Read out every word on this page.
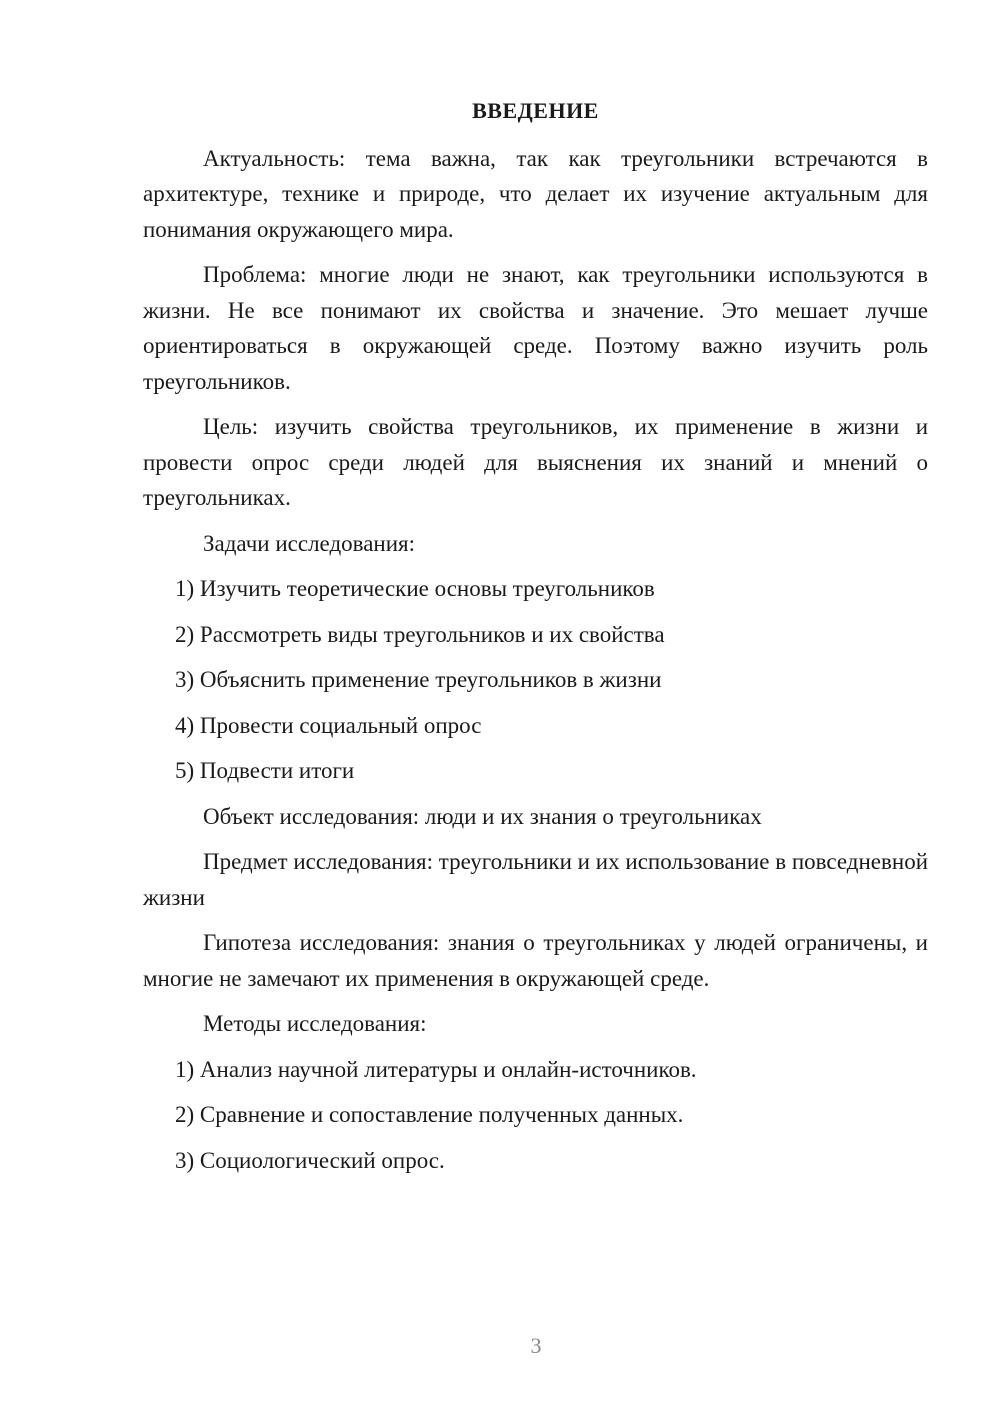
ВВЕДЕНИЕ

Актуальность: тема важна, так как треугольники встречаются в архитектуре, технике и природе, что делает их изучение актуальным для понимания окружающего мира.

Проблема: многие люди не знают, как треугольники используются в жизни. Не все понимают их свойства и значение. Это мешает лучше ориентироваться в окружающей среде. Поэтому важно изучить роль треугольников.

Цель: изучить свойства треугольников, их применение в жизни и провести опрос среди людей для выяснения их знаний и мнений о треугольниках.

Задачи исследования:

1) Изучить теоретические основы треугольников
2) Рассмотреть виды треугольников и их свойства
3) Объяснить применение треугольников в жизни
4) Провести социальный опрос
5) Подвести итоги

Объект исследования: люди и их знания о треугольниках

Предмет исследования: треугольники и их использование в повседневной жизни

Гипотеза исследования: знания о треугольниках у людей ограничены, и многие не замечают их применения в окружающей среде.

Методы исследования:

1) Анализ научной литературы и онлайн-источников.
2) Сравнение и сопоставление полученных данных.
3) Социологический опрос.
3
